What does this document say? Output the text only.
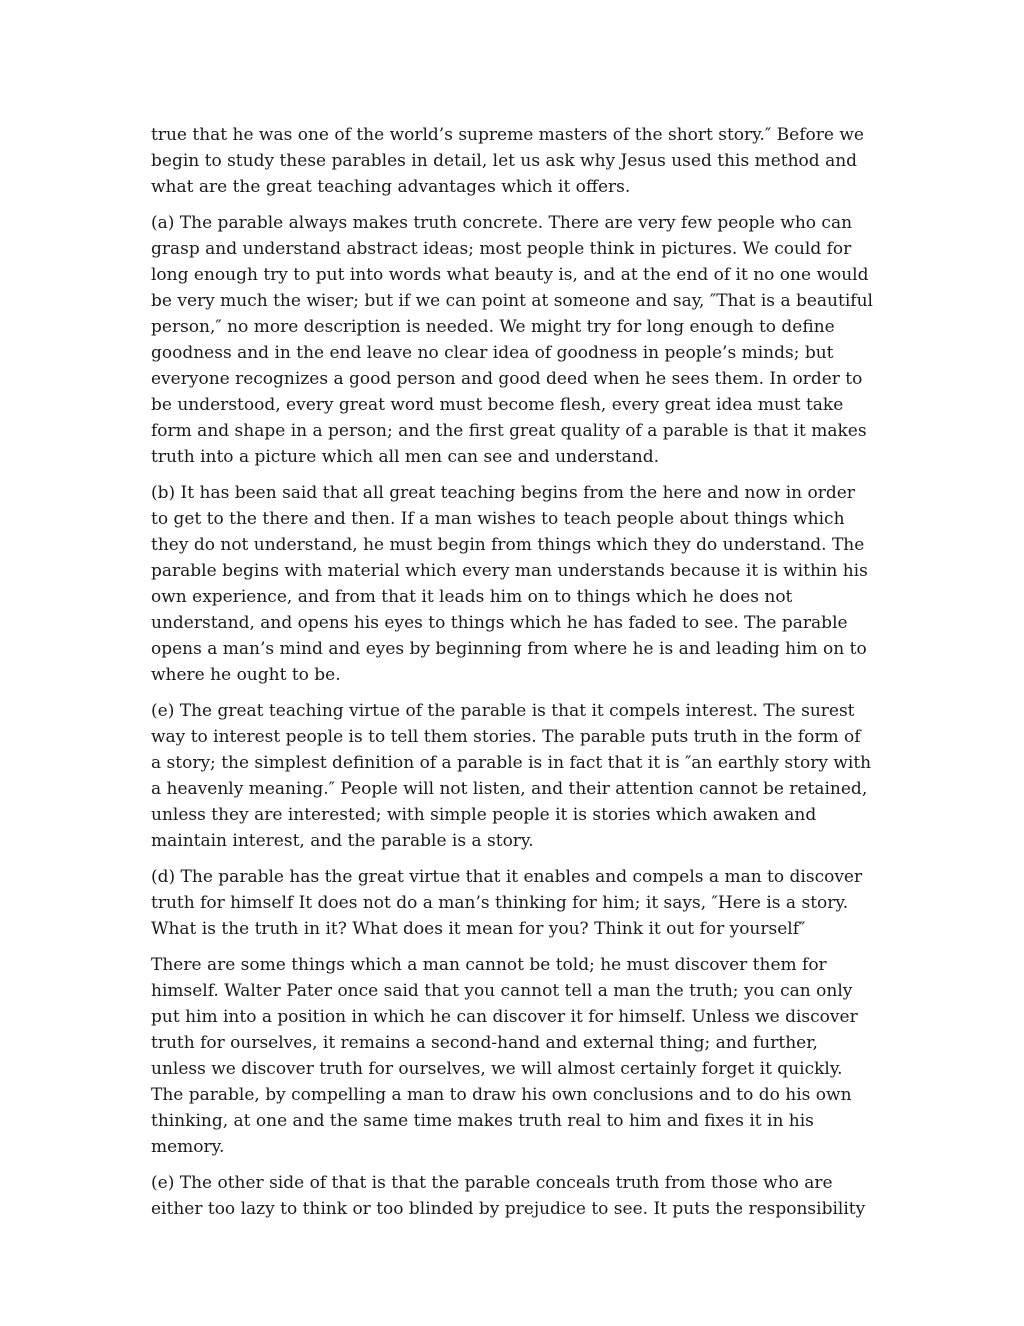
true that he was one of the world’s supreme masters of the short story.″ Before we begin to study these parables in detail, let us ask why Jesus used this method and what are the great teaching advantages which it offers.

(a) The parable always makes truth concrete. There are very few people who can grasp and understand abstract ideas; most people think in pictures. We could for long enough try to put into words what beauty is, and at the end of it no one would be very much the wiser; but if we can point at someone and say, ″That is a beautiful person,″ no more description is needed. We might try for long enough to define goodness and in the end leave no clear idea of goodness in people’s minds; but everyone recognizes a good person and good deed when he sees them. In order to be understood, every great word must become flesh, every great idea must take form and shape in a person; and the first great quality of a parable is that it makes truth into a picture which all men can see and understand.

(b) It has been said that all great teaching begins from the here and now in order to get to the there and then. If a man wishes to teach people about things which they do not understand, he must begin from things which they do understand. The parable begins with material which every man understands because it is within his own experience, and from that it leads him on to things which he does not understand, and opens his eyes to things which he has faded to see. The parable opens a man’s mind and eyes by beginning from where he is and leading him on to where he ought to be.

(e) The great teaching virtue of the parable is that it compels interest. The surest way to interest people is to tell them stories. The parable puts truth in the form of a story; the simplest definition of a parable is in fact that it is ″an earthly story with a heavenly meaning.″ People will not listen, and their attention cannot be retained, unless they are interested; with simple people it is stories which awaken and maintain interest, and the parable is a story.

(d) The parable has the great virtue that it enables and compels a man to discover truth for himself It does not do a man’s thinking for him; it says, ″Here is a story. What is the truth in it? What does it mean for you? Think it out for yourself″

There are some things which a man cannot be told; he must discover them for himself. Walter Pater once said that you cannot tell a man the truth; you can only put him into a position in which he can discover it for himself. Unless we discover truth for ourselves, it remains a second-hand and external thing; and further, unless we discover truth for ourselves, we will almost certainly forget it quickly. The parable, by compelling a man to draw his own conclusions and to do his own thinking, at one and the same time makes truth real to him and fixes it in his memory.

(e) The other side of that is that the parable conceals truth from those who are either too lazy to think or too blinded by prejudice to see. It puts the responsibility
